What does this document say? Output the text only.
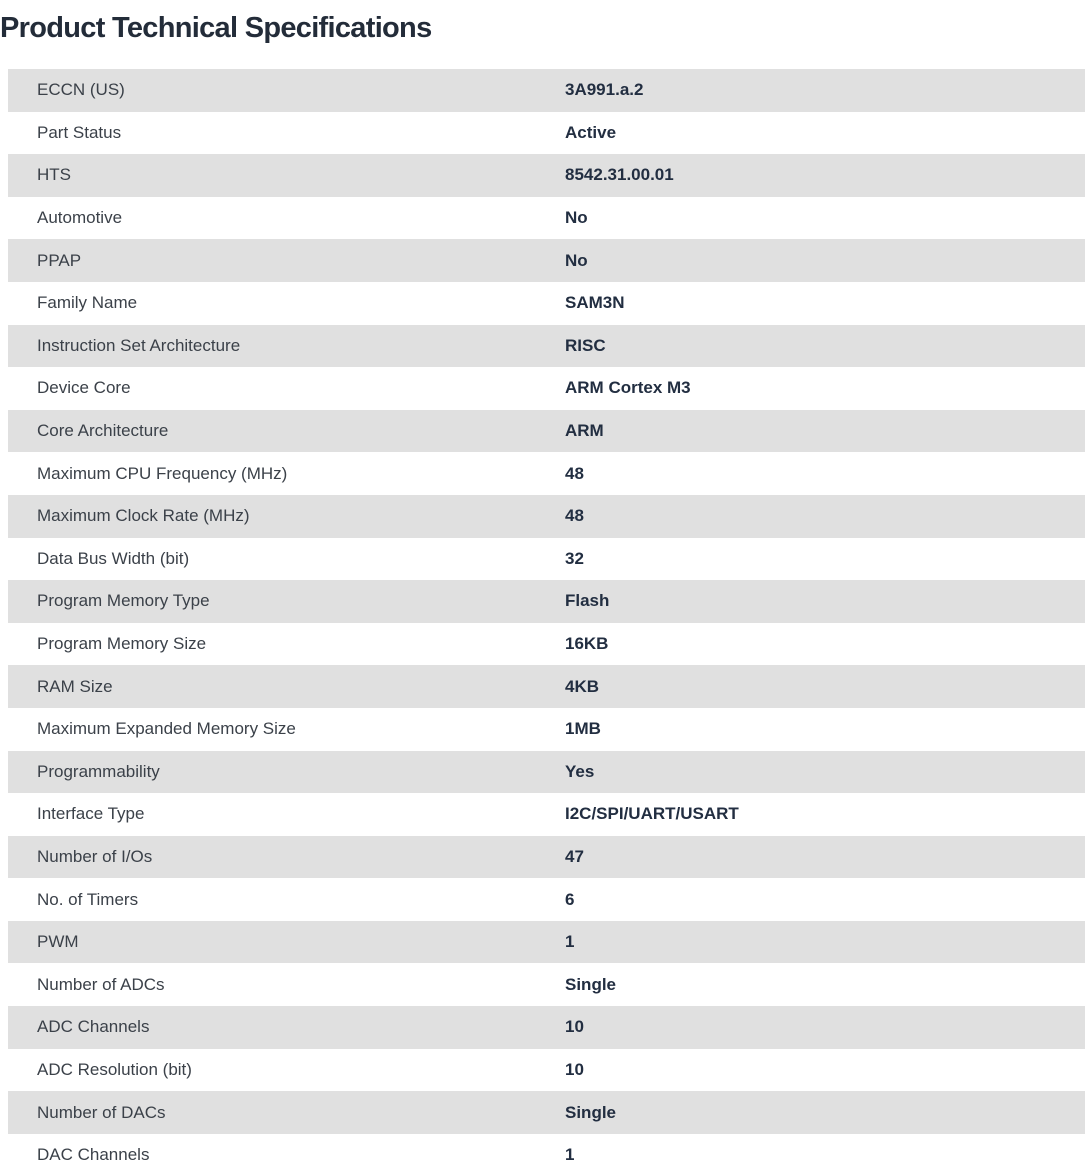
Product Technical Specifications
ECCN (US)	3A991.a.2
Part Status	Active
HTS	8542.31.00.01
Automotive	No
PPAP	No
Family Name	SAM3N
Instruction Set Architecture	RISC
Device Core	ARM Cortex M3
Core Architecture	ARM
Maximum CPU Frequency (MHz)	48
Maximum Clock Rate (MHz)	48
Data Bus Width (bit)	32
Program Memory Type	Flash
Program Memory Size	16KB
RAM Size	4KB
Maximum Expanded Memory Size	1MB
Programmability	Yes
Interface Type	I2C/SPI/UART/USART
Number of I/Os	47
No. of Timers	6
PWM	1
Number of ADCs	Single
ADC Channels	10
ADC Resolution (bit)	10
Number of DACs	Single
DAC Channels	1
